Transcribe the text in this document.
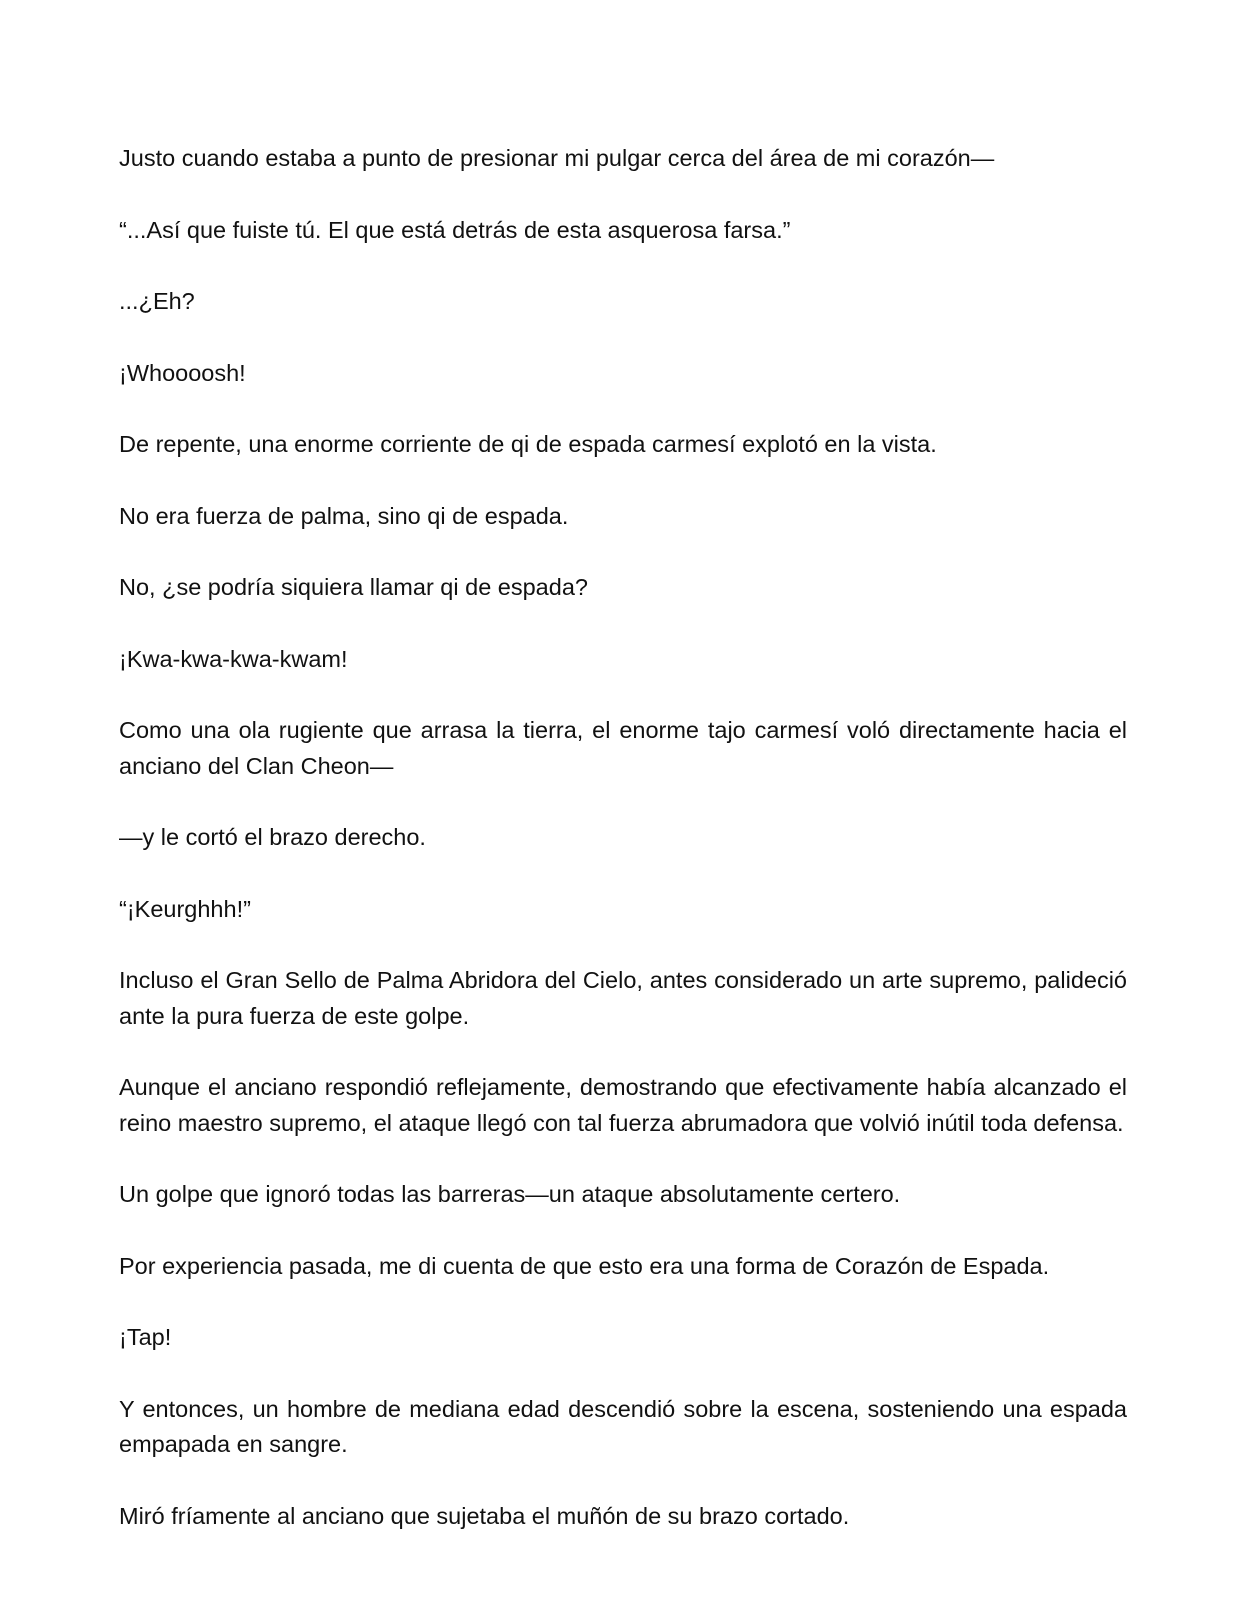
Justo cuando estaba a punto de presionar mi pulgar cerca del área de mi corazón—

“...Así que fuiste tú. El que está detrás de esta asquerosa farsa.”

...¿Eh?

¡Whoooosh!

De repente, una enorme corriente de qi de espada carmesí explotó en la vista.

No era fuerza de palma, sino qi de espada.

No, ¿se podría siquiera llamar qi de espada?

¡Kwa-kwa-kwa-kwam!

Como una ola rugiente que arrasa la tierra, el enorme tajo carmesí voló directamente hacia el anciano del Clan Cheon—

—y le cortó el brazo derecho.

“¡Keurghhh!”

Incluso el Gran Sello de Palma Abridora del Cielo, antes considerado un arte supremo, palideció ante la pura fuerza de este golpe.

Aunque el anciano respondió reflejamente, demostrando que efectivamente había alcanzado el reino maestro supremo, el ataque llegó con tal fuerza abrumadora que volvió inútil toda defensa.

Un golpe que ignoró todas las barreras—un ataque absolutamente certero.

Por experiencia pasada, me di cuenta de que esto era una forma de Corazón de Espada.

¡Tap!

Y entonces, un hombre de mediana edad descendió sobre la escena, sosteniendo una espada empapada en sangre.

Miró fríamente al anciano que sujetaba el muñón de su brazo cortado.
